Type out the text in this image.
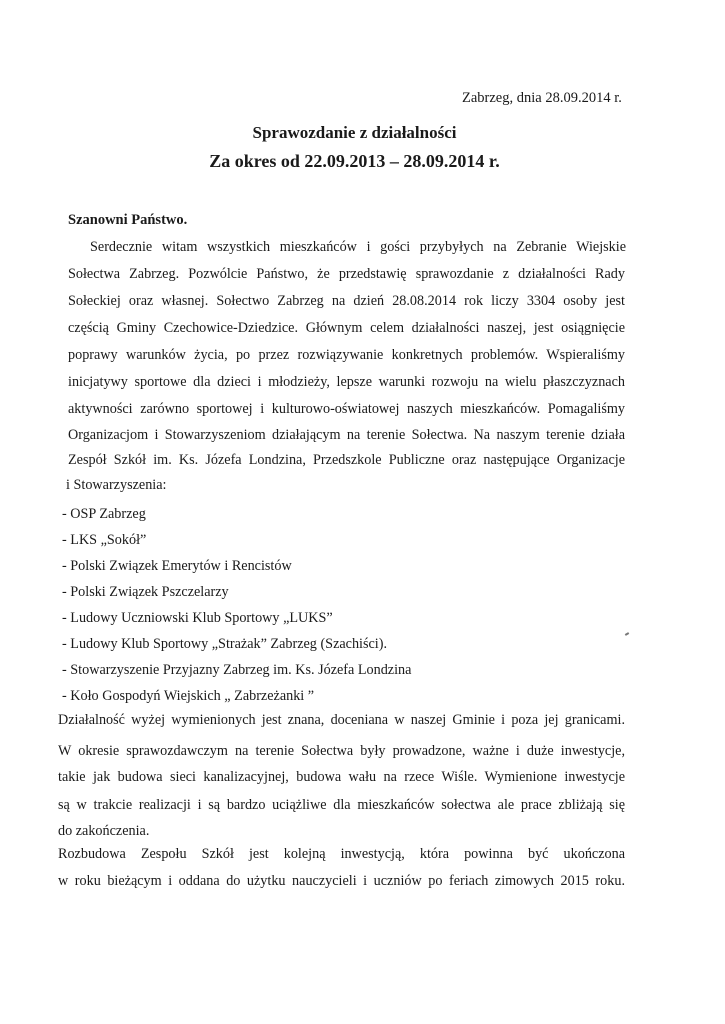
Zabrzeg, dnia 28.09.2014 r.
Sprawozdanie z działalności
Za okres od 22.09.2013 – 28.09.2014 r.
Szanowni Państwo.
Serdecznie witam wszystkich mieszkańców i gości przybyłych na Zebranie Wiejskie
Sołectwa Zabrzeg. Pozwólcie Państwo, że przedstawię sprawozdanie z działalności Rady
Sołeckiej oraz własnej. Sołectwo Zabrzeg na dzień 28.08.2014 rok liczy 3304 osoby jest
częścią Gminy Czechowice-Dziedzice. Głównym celem działalności naszej, jest osiągnięcie
poprawy warunków życia, po przez rozwiązywanie konkretnych problemów. Wspieraliśmy
inicjatywy sportowe dla dzieci i młodzieży, lepsze warunki rozwoju na wielu płaszczyznach
aktywności zarówno sportowej i kulturowo-oświatowej naszych mieszkańców. Pomagaliśmy
Organizacjom i Stowarzyszeniom działającym na terenie Sołectwa. Na naszym terenie działa
Zespół Szkół im. Ks. Józefa Londzina, Przedszkole Publiczne oraz następujące Organizacje
i Stowarzyszenia:
- OSP Zabrzeg
- LKS „Sokół”
- Polski Związek Emerytów i Rencistów
- Polski Związek Pszczelarzy
- Ludowy Uczniowski Klub Sportowy „LUKS”
- Ludowy Klub Sportowy „Strażak” Zabrzeg (Szachiści).
- Stowarzyszenie Przyjazny Zabrzeg im. Ks. Józefa Londzina
- Koło Gospodyń Wiejskich „ Zabrzeżanki ”
Działalność wyżej wymienionych jest znana, doceniana w naszej Gminie i poza jej granicami.
W okresie sprawozdawczym na terenie Sołectwa były prowadzone, ważne i duże inwestycje,
takie jak budowa sieci kanalizacyjnej, budowa wału na rzece Wiśle. Wymienione inwestycje
są w trakcie realizacji i są bardzo uciążliwe dla mieszkańców sołectwa ale prace zbliżają się
do zakończenia.
Rozbudowa Zespołu Szkół jest kolejną inwestycją, która powinna być ukończona
w roku bieżącym i oddana do użytku nauczycieli i uczniów po feriach zimowych 2015 roku.
